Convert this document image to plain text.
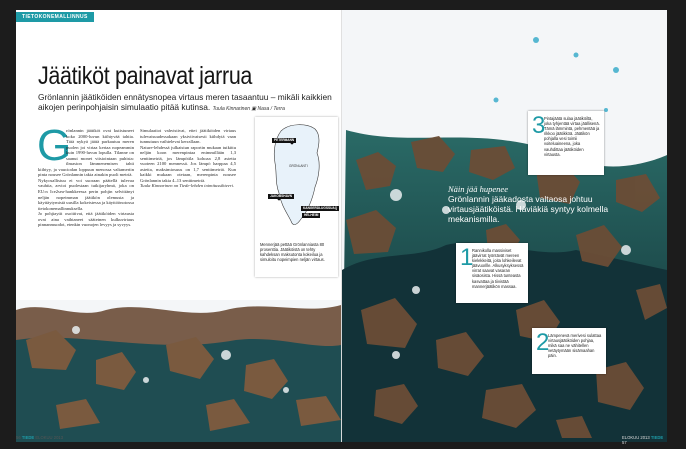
TIETOKONEMALLINNUS
Jäätiköt painavat jarrua

Grönlannin jäätiköiden ennätysnopea virtaus meren tasaantuu – mikäli kaikkien aikojen perinpohjaisin simulaatio pitää kutinsa. Tuula Kinnarinen ▣ Nasa / Terra

G
rönlannin jäätiköt ovat kutistuneet koko 2000-luvun kiihtyvää tahtia. Tätä nykyä jäätä parkautuu meren puolen joi virtaa kertaa nopeammin kuin 1990-luvun lopulla. Tilanne on saanut monet viisiointaan puhista: ilmaston lämmenemisen tahti kiihtyy, ja vauciodan loppuun menossa valtameriin pinta nousee Grönlannin takia ainakin puoli metriä.
Nykyosallistuu ei voi suoraan päätellä tulevaa vauhtia, arvioi puolestaan tutkijaryhmä, joka on EU:n Ice2sea-hankkeessa perin pohjin selvittänyt neljän nopeimman jäätikön olemusta ja käyttäytymistä uusilla kokeistessa ja käyttöönotossa tietokonemallinnuksella.
Jo pohjiaytit osoittivat, että jäätiköiden virtausta ovat aina vaihtaneet sääteinen kulkuvirtaus pinnanmuodot, etenkin vuonojen levyys ja syvyys.
Simulaatiot vahvistivat, ettei jäätiköiden virtaus tulevaisuudessakaan yksiviivaisesti kiihdytä vaan tunnutuun vaihtelevat kerrallaan.
Nature-lehdessä julkaistun raportin mukaan tutkittu neljän koon merenpintaa enimmillään 1,3 senttimetriä, jos lämpötila kohoaa 2,8 astetta vuoteen 2100 mennessä. Jos lämpö harppaa 4,5 astetta, maksimiosuus on 1,7 senttimetriä. Kun kaikki mukaan otetaan, merenpinta nousee Grönlannin takia 4–13 senttimetriä.
Tuula Kinnarinen on Tiede-lehden toimitussihteeri.
PETERMANN
GRÖNLANTI
JAKOBSHAVN
KANGERDLUGSSUAQ
HELHEIM

Mennerjää pettää Grönlanniasta 80 prosenttia. Jäätiköistä on tehty kahdeksan maksutonta kokeilua ja simuloitu nopeimpien neljän virtaus.

Näin jää hupenee

Grönlannin jääkadosta valtaosa johtuu virtausjäätiköistä. Häviäkiä syntyy kolmella mekanismilla.

3

Pintajäätä sulaa jäätiköiltä, joka tyhjentää virtaa jäällisenä. Tämä lämmintä, pehmentää ja rikkoo jäätikköä. Jäätikön pohjalla vesi toimii voiteluaineena, joka vauhdittaa jäätiköiden virtausta.

1

Rannikolla massiviset jäävirrat työntävät mereen kielekkeitä, joita lohkeilevat jäävuorille. Alkusyksyksessä virrat saavat vasaran sisäosista. Hissä tunteasta kasvattaa ja tiivistää mannerjäätikön massaa.

2

Lämpenevä merivesi sulattaa virtausjäätiköiden pohjaa, mikä saa ne vähitellen vetäytymään sisämaahan päin.

56 TIEDE ELOKUU 2013	ELOKUU 2013 TIEDE 57
